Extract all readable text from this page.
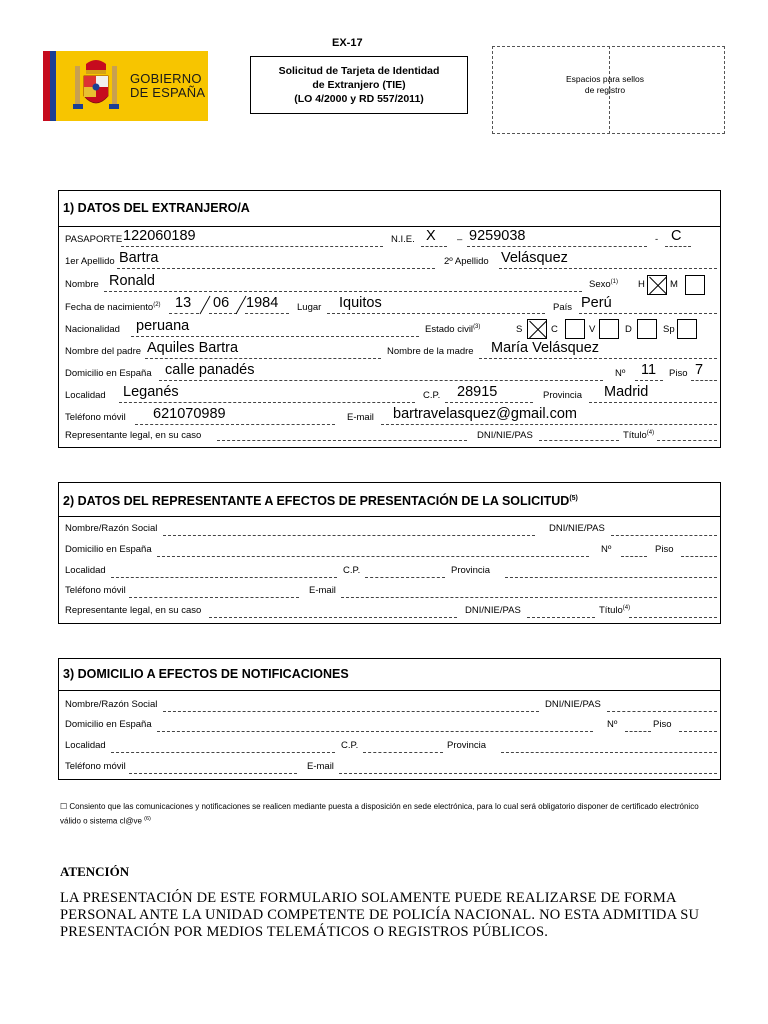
GOBIERNO
DE ESPAÑA
EX-17
Solicitud de Tarjeta de Identidad
de Extranjero (TIE)
(LO 4/2000 y RD 557/2011)
Espacios para sellos
de registro
1) DATOS DEL EXTRANJERO/A
PASAPORTE 122060189	N.I.E. X – 9259038	- C
1er Apellido Bartra	2º Apellido Velásquez
Nombre Ronald	Sexo$^{(1)}$ H	M
Fecha de nacimiento$^{(2)}$ 13 06 1984 Lugar Iquitos	País Perú
Nacionalidad peruana	Estado civil$^{(3)}$	S	C	V	D	Sp
Nombre del padre Aquiles Bartra	Nombre de la madre María Velásquez
Domicilio en España calle panadés	Nº 11 Piso 7
Localidad Leganés	C.P. 28915	Provincia Madrid
Teléfono móvil 621070989	E-mail bartravelasquez@gmail.com
Representante legal, en su caso	DNI/NIE/PAS	Título$^{(4)}$
2) DATOS DEL REPRESENTANTE A EFECTOS DE PRESENTACIÓN DE LA SOLICITUD$^{(5)}$
Nombre/Razón Social	DNI/NIE/PAS
Domicilio en España	Nº	Piso
Localidad	C.P.	Provincia
Teléfono móvil	E-mail
Representante legal, en su caso	DNI/NIE/PAS	Título$^{(4)}$
3) DOMICILIO A EFECTOS DE NOTIFICACIONES
Nombre/Razón Social	DNI/NIE/PAS
Domicilio en España	Nº	Piso
Localidad	C.P.	Provincia
Teléfono móvil	E-mail
☐ Consiento que las comunicaciones y notificaciones se realicen mediante puesta a disposición en sede electrónica, para lo cual será obligatorio disponer de certificado electrónico válido o sistema cl@ve $^{(6)}$
ATENCIÓN
LA PRESENTACIÓN DE ESTE FORMULARIO SOLAMENTE PUEDE REALIZARSE DE FORMA PERSONAL ANTE LA UNIDAD COMPETENTE DE POLICÍA NACIONAL. NO ESTA ADMITIDA SU PRESENTACIÓN POR MEDIOS TELEMÁTICOS O REGISTROS PÚBLICOS.
